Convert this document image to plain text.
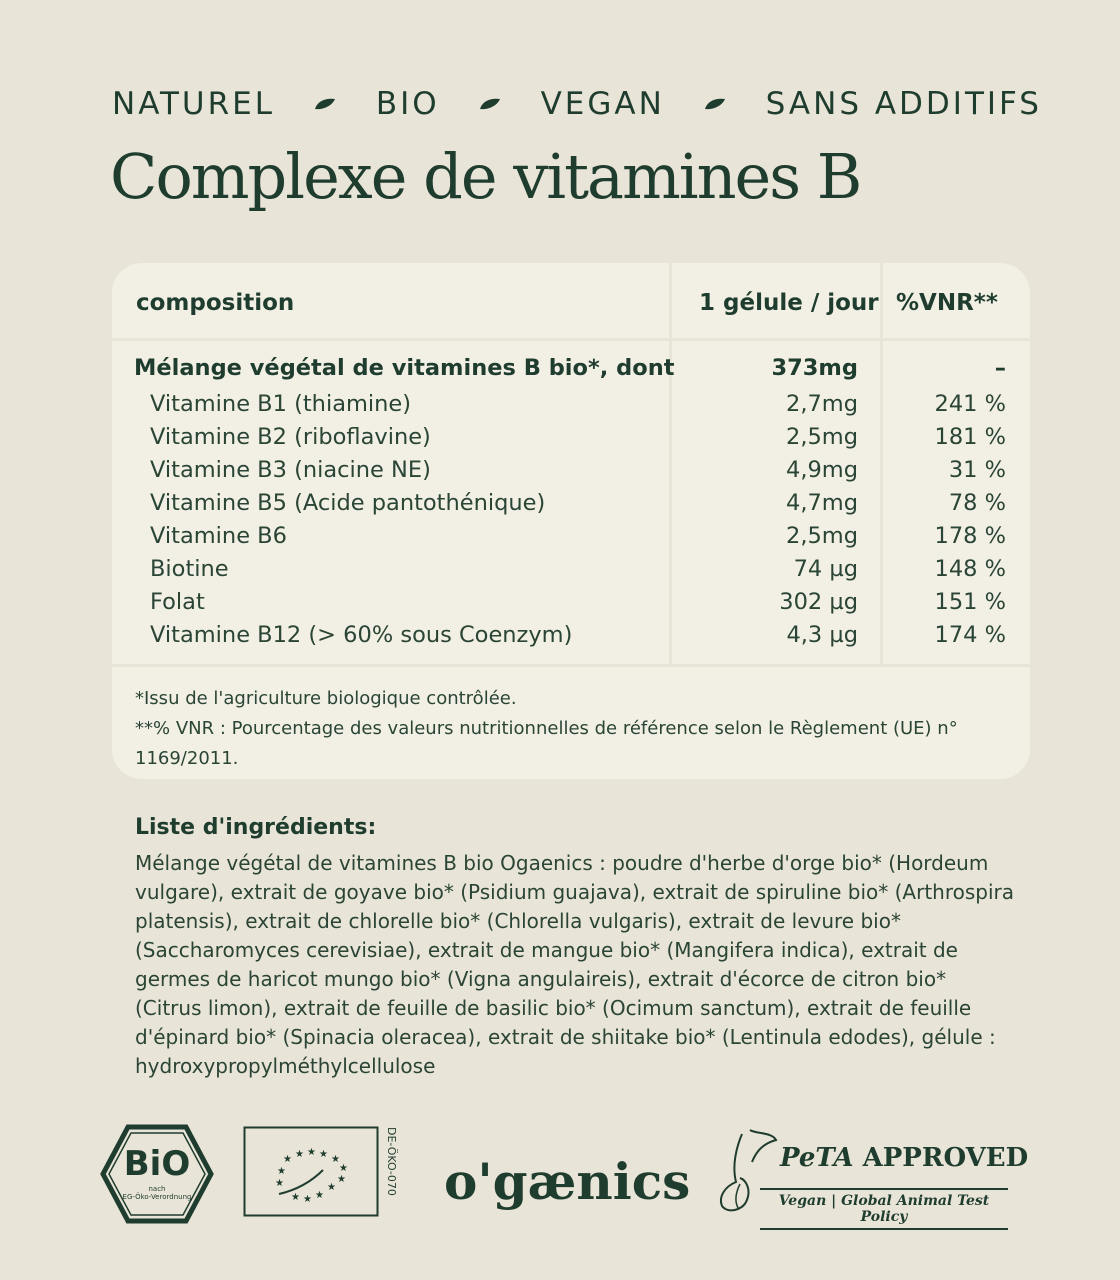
NATUREL	BIO	VEGAN	SANS ADDITIFS
Complexe de vitamines B
composition	1 gélule / jour %VNR**
Mélange végétal de vitamines B bio*, dont	373mg	–
Vitamine B1 (thiamine)	2,7mg	241 %
Vitamine B2 (riboflavine)	2,5mg	181 %
Vitamine B3 (niacine NE)	4,9mg	31 %
Vitamine B5 (Acide pantothénique)	4,7mg	78 %
Vitamine B6	2,5mg	178 %
Biotine	74 µg	148 %
Folat	302 µg	151 %
Vitamine B12 (> 60% sous Coenzym)	4,3 µg	174 %
*Issu de l'agriculture biologique contrôlée.
**% VNR : Pourcentage des valeurs nutritionnelles de référence selon le Règlement (UE) n° 1169/2011.
Liste d'ingrédients:
Mélange végétal de vitamines B bio Ogaenics : poudre d'herbe d'orge bio* (Hordeum vulgare), extrait de goyave bio* (Psidium guajava), extrait de spiruline bio* (Arthrospira platensis), extrait de chlorelle bio* (Chlorella vulgaris), extrait de levure bio* (Saccharomyces cerevisiae), extrait de mangue bio* (Mangifera indica), extrait de germes de haricot mungo bio* (Vigna angulaireis), extrait d'écorce de citron bio* (Citrus limon), extrait de feuille de basilic bio* (Ocimum sanctum), extrait de feuille d'épinard bio* (Spinacia oleracea), extrait de shiitake bio* (Lentinula edodes), gélule : hydroxypropylméthylcellulose
BiO
nach
EG-Öko-Verordnung
★ ★ ★ ★ ★
★
★
★
★ ★ ★
★
★	DE-ÖKO-070 o'gænics	PeTA APPROVED
Vegan | Global Animal Test Policy
